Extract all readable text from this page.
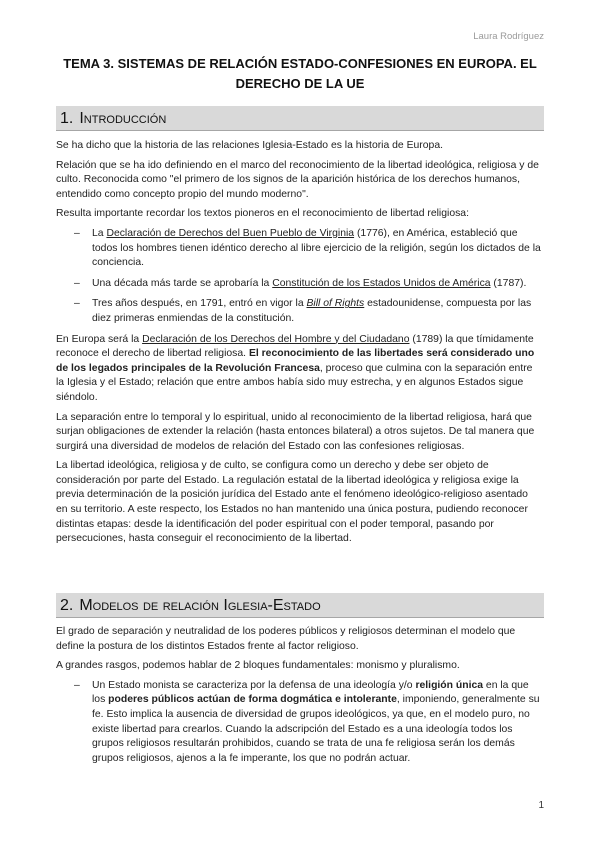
Laura Rodríguez
TEMA 3. SISTEMAS DE RELACIÓN ESTADO-CONFESIONES EN EUROPA. EL
DERECHO DE LA UE
1. Introducción

Se ha dicho que la historia de las relaciones Iglesia-Estado es la historia de Europa.

Relación que se ha ido definiendo en el marco del reconocimiento de la libertad ideológica, religiosa y de culto. Reconocida como "el primero de los signos de la aparición histórica de los derechos humanos, entendido como concepto propio del mundo moderno".

Resulta importante recordar los textos pioneros en el reconocimiento de libertad religiosa:

– La Declaración de Derechos del Buen Pueblo de Virginia (1776), en América, estableció que todos los hombres tienen idéntico derecho al libre ejercicio de la religión, según los dictados de la conciencia.
– Una década más tarde se aprobaría la Constitución de los Estados Unidos de América (1787).
– Tres años después, en 1791, entró en vigor la Bill of Rights estadounidense, compuesta por las diez primeras enmiendas de la constitución.

En Europa será la Declaración de los Derechos del Hombre y del Ciudadano (1789) la que tímidamente reconoce el derecho de libertad religiosa. El reconocimiento de las libertades será considerado uno de los legados principales de la Revolución Francesa, proceso que culmina con la separación entre la Iglesia y el Estado; relación que entre ambos había sido muy estrecha, y en algunos Estados sigue siéndolo.

La separación entre lo temporal y lo espiritual, unido al reconocimiento de la libertad religiosa, hará que surjan obligaciones de extender la relación (hasta entonces bilateral) a otros sujetos. De tal manera que surgirá una diversidad de modelos de relación del Estado con las confesiones religiosas.

La libertad ideológica, religiosa y de culto, se configura como un derecho y debe ser objeto de consideración por parte del Estado. La regulación estatal de la libertad ideológica y religiosa exige la previa determinación de la posición jurídica del Estado ante el fenómeno ideológico-religioso asentado en su territorio. A este respecto, los Estados no han mantenido una única postura, pudiendo reconocer distintas etapas: desde la identificación del poder espiritual con el poder temporal, pasando por persecuciones, hasta conseguir el reconocimiento de la libertad.

2. Modelos de relación Iglesia-Estado

El grado de separación y neutralidad de los poderes públicos y religiosos determinan el modelo que define la postura de los distintos Estados frente al factor religioso.

A grandes rasgos, podemos hablar de 2 bloques fundamentales: monismo y pluralismo.

– Un Estado monista se caracteriza por la defensa de una ideología y/o religión única en la que los poderes públicos actúan de forma dogmática e intolerante, imponiendo, generalmente su fe. Esto implica la ausencia de diversidad de grupos ideológicos, ya que, en el modelo puro, no existe libertad para crearlos. Cuando la adscripción del Estado es a una ideología todos los grupos religiosos resultarán prohibidos, cuando se trata de una fe religiosa serán los demás grupos religiosos, ajenos a la fe imperante, los que no podrán actuar.
1
